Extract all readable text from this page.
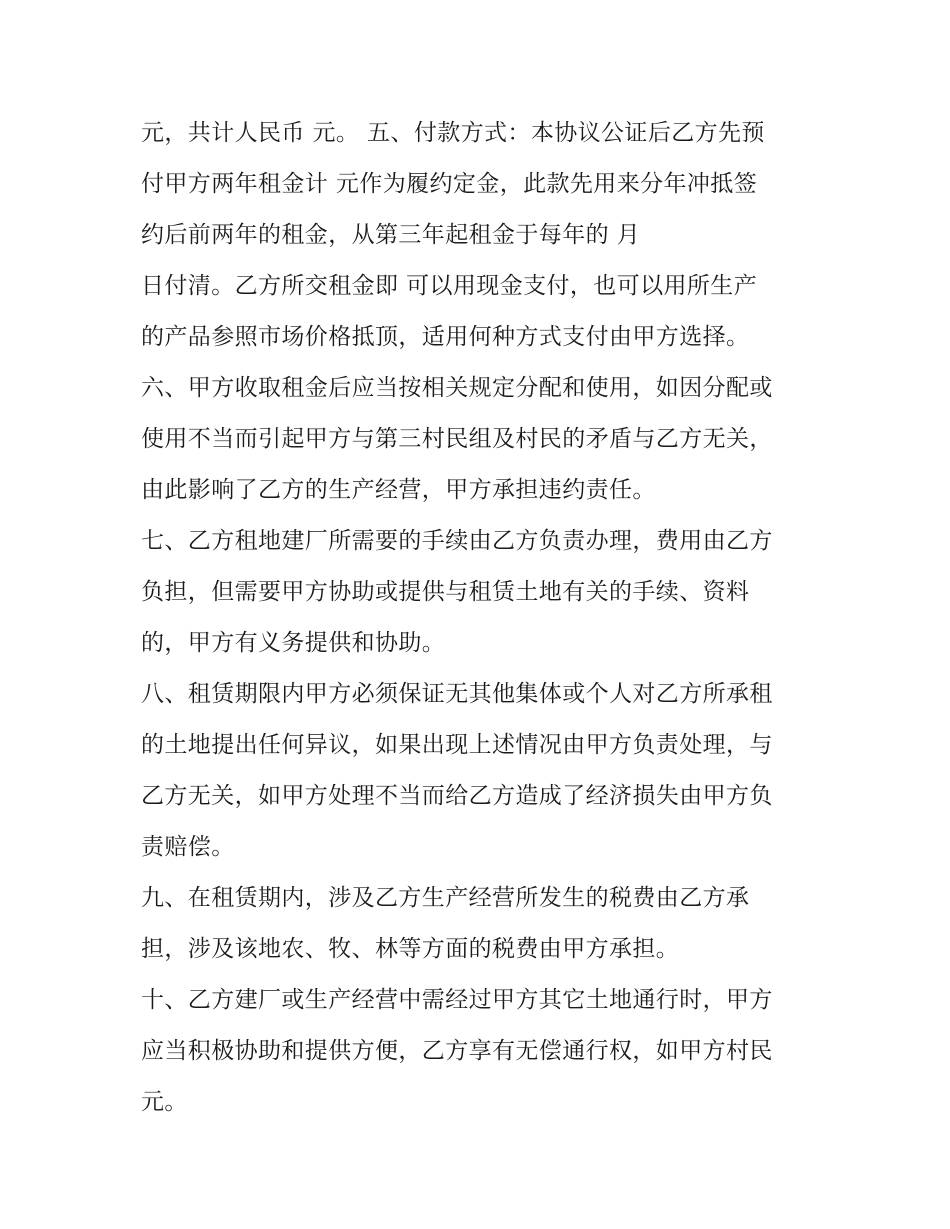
元，共计人民币 元。 五、付款方式：本协议公证后乙方先预
付甲方两年租金计 元作为履约定金，此款先用来分年冲抵签
约后前两年的租金，从第三年起租金于每年的 月
日付清。乙方所交租金即 可以用现金支付，也可以用所生产
的产品参照市场价格抵顶，适用何种方式支付由甲方选择。
六、甲方收取租金后应当按相关规定分配和使用，如因分配或
使用不当而引起甲方与第三村民组及村民的矛盾与乙方无关，
由此影响了乙方的生产经营，甲方承担违约责任。
七、乙方租地建厂所需要的手续由乙方负责办理，费用由乙方
负担，但需要甲方协助或提供与租赁土地有关的手续、资料
的，甲方有义务提供和协助。
八、租赁期限内甲方必须保证无其他集体或个人对乙方所承租
的土地提出任何异议，如果出现上述情况由甲方负责处理，与
乙方无关，如甲方处理不当而给乙方造成了经济损失由甲方负
责赔偿。
九、在租赁期内，涉及乙方生产经营所发生的税费由乙方承
担，涉及该地农、牧、林等方面的税费由甲方承担。
十、乙方建厂或生产经营中需经过甲方其它土地通行时，甲方
应当积极协助和提供方便，乙方享有无偿通行权，如甲方村民
元。
